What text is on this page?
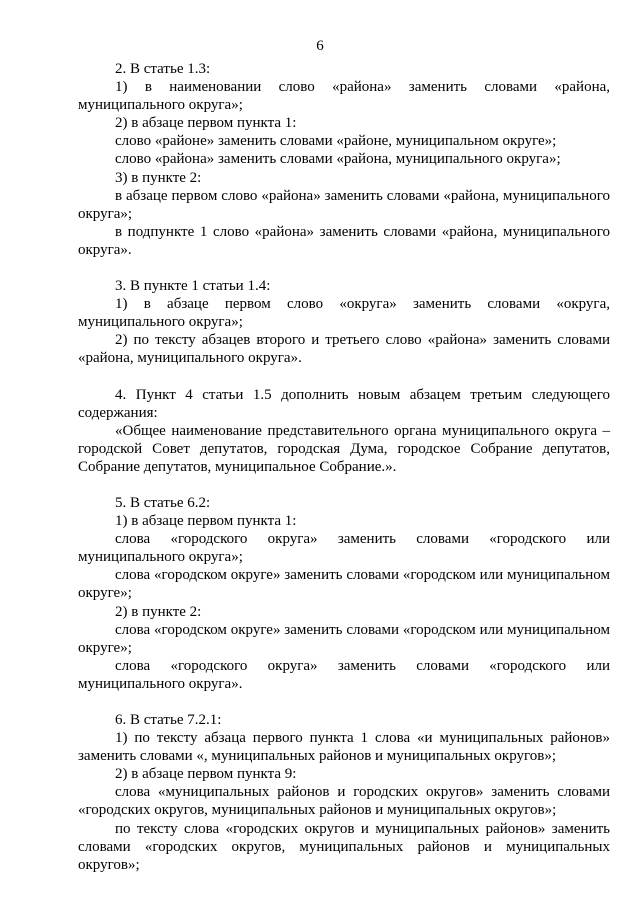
6

2. В статье 1.3:

1) в наименовании слово «района» заменить словами «района, муниципального округа»;

2) в абзаце первом пункта 1:

слово «районе» заменить словами «районе, муниципальном округе»;

слово «района» заменить словами «района, муниципального округа»;

3) в пункте 2:

в абзаце первом слово «района» заменить словами «района, муниципального округа»;

в подпункте 1 слово «района» заменить словами «района, муниципального округа».

3. В пункте 1 статьи 1.4:

1) в абзаце первом слово «округа» заменить словами «округа, муниципального округа»;

2) по тексту абзацев второго и третьего слово «района» заменить словами «района, муниципального округа».

4. Пункт 4 статьи 1.5 дополнить новым абзацем третьим следующего содержания:

«Общее наименование представительного органа муниципального округа – городской Совет депутатов, городская Дума, городское Собрание депутатов, Собрание депутатов, муниципальное Собрание.».

5. В статье 6.2:

1) в абзаце первом пункта 1:

слова «городского округа» заменить словами «городского или муниципального округа»;

слова «городском округе» заменить словами «городском или муниципальном округе»;

2) в пункте 2:

слова «городском округе» заменить словами «городском или муниципальном округе»;

слова «городского округа» заменить словами «городского или муниципального округа».

6. В статье 7.2.1:

1) по тексту абзаца первого пункта 1 слова «и муниципальных районов» заменить словами «, муниципальных районов и муниципальных округов»;

2) в абзаце первом пункта 9:

слова «муниципальных районов и городских округов» заменить словами «городских округов, муниципальных районов и муниципальных округов»;

по тексту слова «городских округов и муниципальных районов» заменить словами «городских округов, муниципальных районов и муниципальных округов»;
